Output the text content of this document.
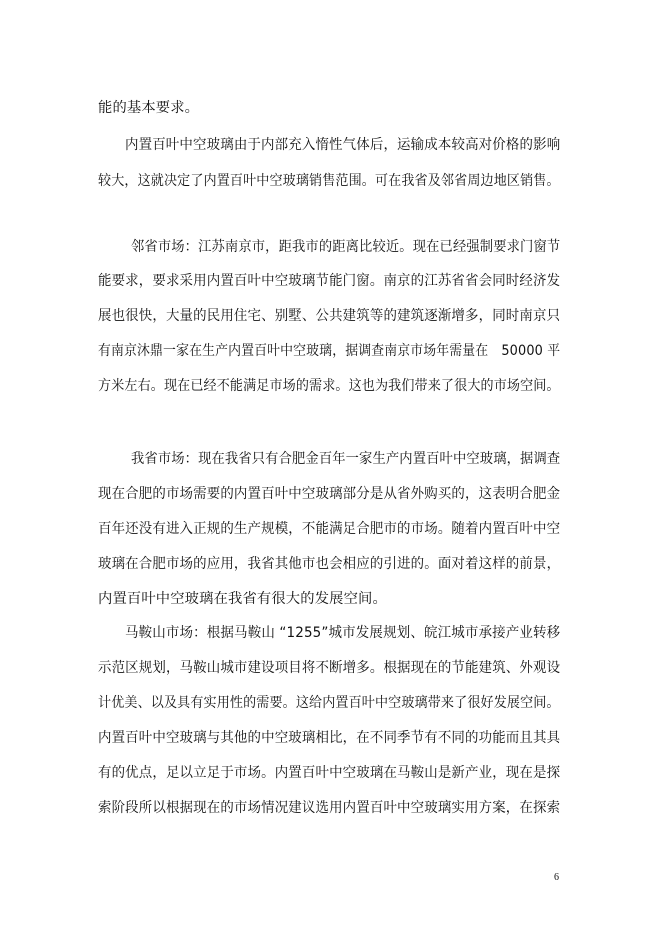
能的基本要求。
内置百叶中空玻璃由于内部充入惰性气体后，运输成本较高对价格的影响
较大，这就决定了内置百叶中空玻璃销售范围。可在我省及邻省周边地区销售。
邻省市场：江苏南京市，距我市的距离比较近。现在已经强制要求门窗节
能要求，要求采用内置百叶中空玻璃节能门窗。南京的江苏省省会同时经济发
展也很快，大量的民用住宅、别墅、公共建筑等的建筑逐渐增多，同时南京只
有南京沐鼎一家在生产内置百叶中空玻璃，据调查南京市场年需量在　50000 平
方米左右。现在已经不能满足市场的需求。这也为我们带来了很大的市场空间。
我省市场：现在我省只有合肥金百年一家生产内置百叶中空玻璃，据调查
现在合肥的市场需要的内置百叶中空玻璃部分是从省外购买的，这表明合肥金
百年还没有进入正规的生产规模，不能满足合肥市的市场。随着内置百叶中空
玻璃在合肥市场的应用，我省其他市也会相应的引进的。面对着这样的前景，
内置百叶中空玻璃在我省有很大的发展空间。
马鞍山市场：根据马鞍山 “1255”城市发展规划、皖江城市承接产业转移
示范区规划，马鞍山城市建设项目将不断增多。根据现在的节能建筑、外观设
计优美、以及具有实用性的需要。这给内置百叶中空玻璃带来了很好发展空间。
内置百叶中空玻璃与其他的中空玻璃相比，在不同季节有不同的功能而且其具
有的优点，足以立足于市场。内置百叶中空玻璃在马鞍山是新产业，现在是探
索阶段所以根据现在的市场情况建议选用内置百叶中空玻璃实用方案，在探索
6
